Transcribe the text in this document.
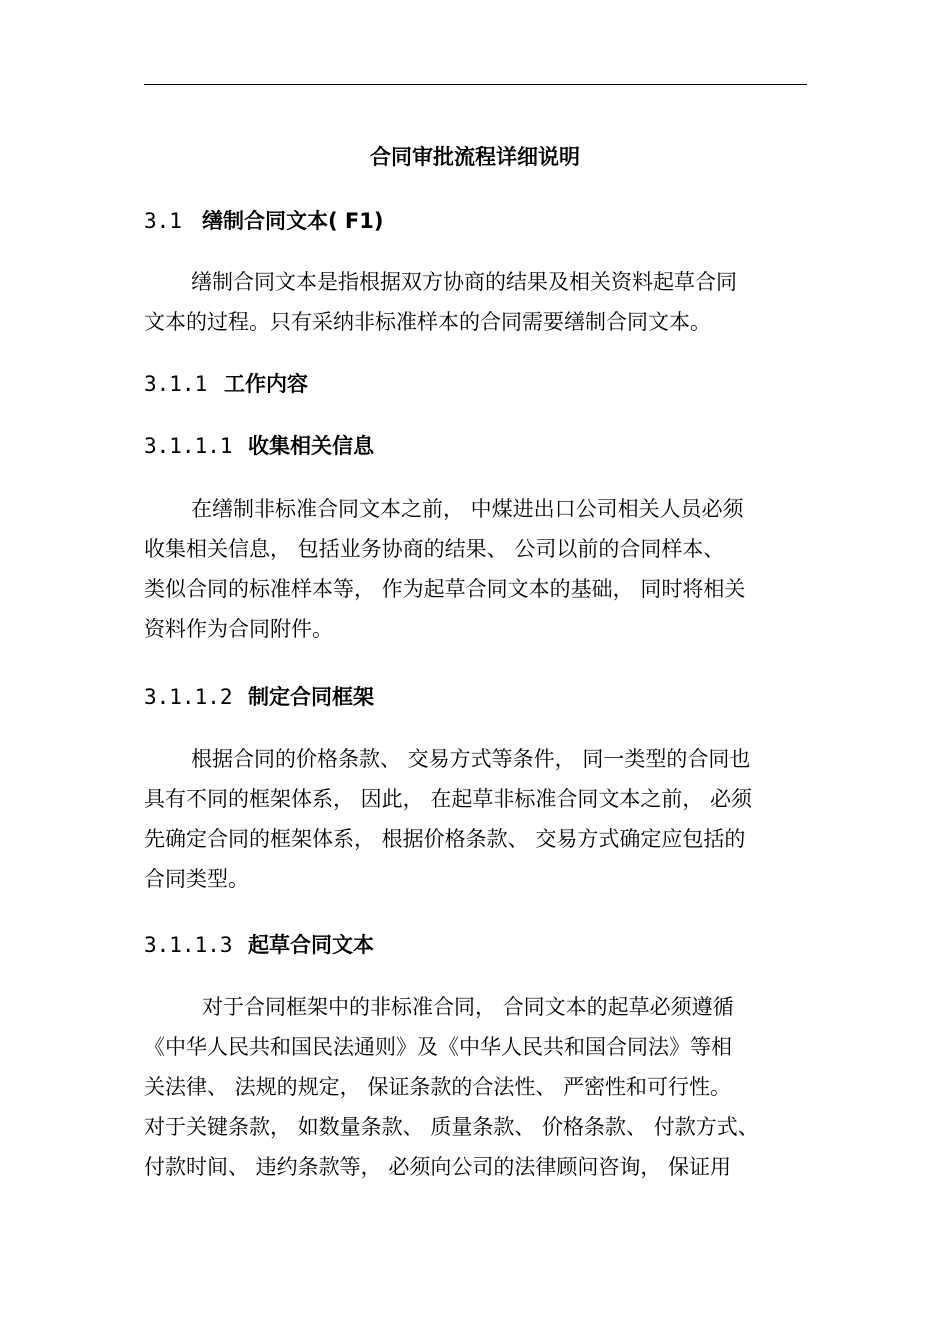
合同审批流程详细说明
3.1 缮制合同文本( F1)
缮制合同文本是指根据双方协商的结果及相关资料起草合同
文本的过程。只有采纳非标准样本的合同需要缮制合同文本。
3.1.1 工作内容
3.1.1.1 收集相关信息
在缮制非标准合同文本之前， 中煤进出口公司相关人员必须
收集相关信息， 包括业务协商的结果、 公司以前的合同样本、
类似合同的标准样本等， 作为起草合同文本的基础， 同时将相关
资料作为合同附件。
3.1.1.2 制定合同框架
根据合同的价格条款、 交易方式等条件， 同一类型的合同也
具有不同的框架体系， 因此， 在起草非标准合同文本之前， 必须
先确定合同的框架体系， 根据价格条款、 交易方式确定应包括的
合同类型。
3.1.1.3 起草合同文本
对于合同框架中的非标准合同， 合同文本的起草必须遵循
《中华人民共和国民法通则》及《中华人民共和国合同法》等相
关法律、 法规的规定， 保证条款的合法性、 严密性和可行性。
对于关键条款， 如数量条款、 质量条款、 价格条款、 付款方式、
付款时间、 违约条款等， 必须向公司的法律顾问咨询， 保证用
